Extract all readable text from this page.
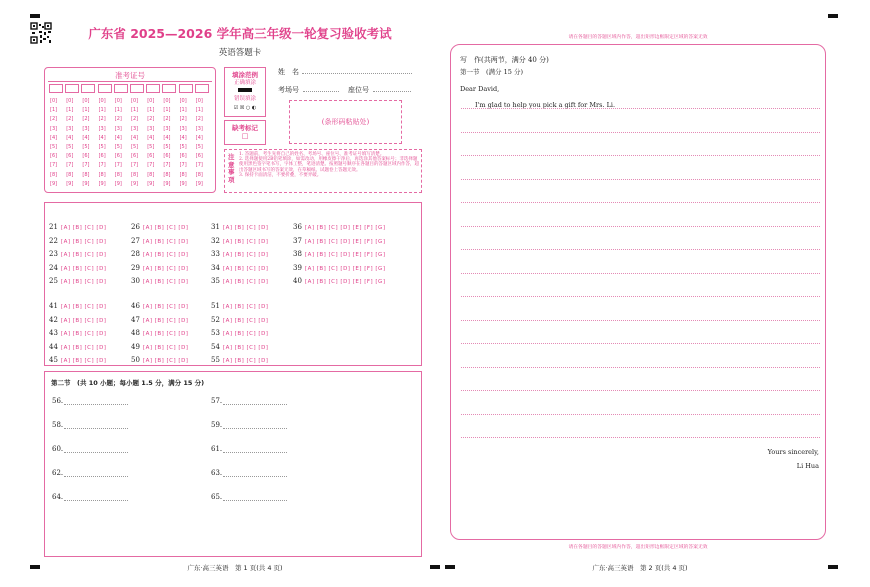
广东省 2025—2026 学年高三年级一轮复习验收考试
英语答题卡
准考证号
[0]
[1]
[2]
[3]
[4]
[5]
[6]
[7]
[8]
[9]
[0]
[1]
[2]
[3]
[4]
[5]
[6]
[7]
[8]
[9]
[0]
[1]
[2]
[3]
[4]
[5]
[6]
[7]
[8]
[9]
[0]
[1]
[2]
[3]
[4]
[5]
[6]
[7]
[8]
[9]
[0]
[1]
[2]
[3]
[4]
[5]
[6]
[7]
[8]
[9]
[0]
[1]
[2]
[3]
[4]
[5]
[6]
[7]
[8]
[9]
[0]
[1]
[2]
[3]
[4]
[5]
[6]
[7]
[8]
[9]
[0]
[1]
[2]
[3]
[4]
[5]
[6]
[7]
[8]
[9]
[0]
[1]
[2]
[3]
[4]
[5]
[6]
[7]
[8]
[9]
[0]
[1]
[2]
[3]
[4]
[5]
[6]
[7]
[8]
[9]
填涂范例
正确填涂
错误填涂
☑ ☒ ○ ◐
缺考标记
□
姓　名
考场号	座位号
(条形码粘贴处)
注意事项
1. 答题前，考生先将自己的姓名、考场号、座位号、准考证号填写清楚。
2. 选择题使用2B铅笔填涂，如需改动，用橡皮擦干净后，再选涂其他答案标号；非选择题使用黑色签字笔书写，字体工整，笔迹清楚。按照题号顺序在各题目的答题区域内作答，超出答题区域书写的答案无效，在草稿纸、试题卷上答题无效。
3. 保持卡面清洁，不要折叠，不要弄破。
21 [A] [B] [C] [D]
22 [A] [B] [C] [D]
23 [A] [B] [C] [D]
24 [A] [B] [C] [D]
25 [A] [B] [C] [D]
26 [A] [B] [C] [D]
27 [A] [B] [C] [D]
28 [A] [B] [C] [D]
29 [A] [B] [C] [D]
30 [A] [B] [C] [D]
31 [A] [B] [C] [D]
32 [A] [B] [C] [D]
33 [A] [B] [C] [D]
34 [A] [B] [C] [D]
35 [A] [B] [C] [D]
36 [A] [B] [C] [D] [E] [F] [G]
37 [A] [B] [C] [D] [E] [F] [G]
38 [A] [B] [C] [D] [E] [F] [G]
39 [A] [B] [C] [D] [E] [F] [G]
40 [A] [B] [C] [D] [E] [F] [G]
41 [A] [B] [C] [D]
42 [A] [B] [C] [D]
43 [A] [B] [C] [D]
44 [A] [B] [C] [D]
45 [A] [B] [C] [D]
46 [A] [B] [C] [D]
47 [A] [B] [C] [D]
48 [A] [B] [C] [D]
49 [A] [B] [C] [D]
50 [A] [B] [C] [D]
51 [A] [B] [C] [D]
52 [A] [B] [C] [D]
53 [A] [B] [C] [D]
54 [A] [B] [C] [D]
55 [A] [B] [C] [D]
第二节　(共 10 小题；每小题 1.5 分，满分 15 分)
56.
58.
60.
62.
64.
57.
59.
61.
63.
65.
请在各题目的答题区域内作答，超出矩形边框限定区域的答案无效
写　作(共两节，满分 40 分)
第一节　(满分 15 分)
Dear David,
I'm glad to help you pick a gift for Mrs. Li.
Yours sincerely,
Li Hua
请在各题目的答题区域内作答，超出矩形边框限定区域的答案无效
广东·高三英语　第 1 页(共 4 页)	广东·高三英语　第 2 页(共 4 页)
